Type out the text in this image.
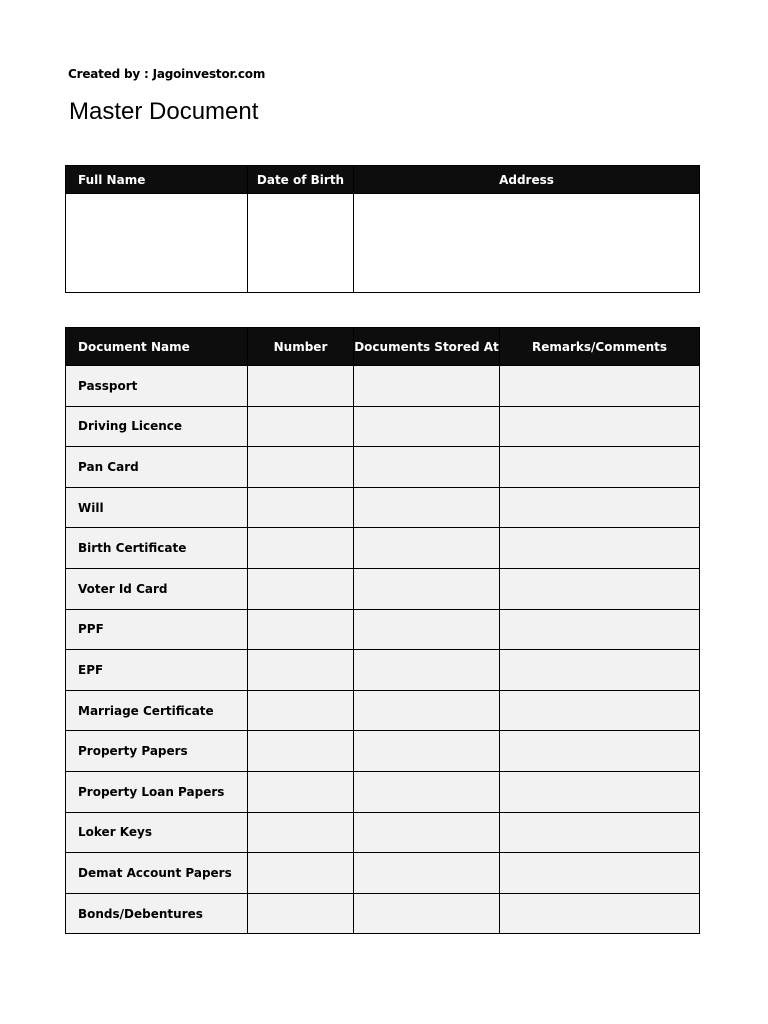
Created by : Jagoinvestor.com
Master Document
Full Name	Date of Birth	Address

Document Name	Number	Documents Stored At	Remarks/Comments
Passport			
Driving Licence			
Pan Card			
Will			
Birth Certificate			
Voter Id Card			
PPF			
EPF			
Marriage Certificate			
Property Papers			
Property Loan Papers			
Loker Keys			
Demat Account Papers			
Bonds/Debentures			
